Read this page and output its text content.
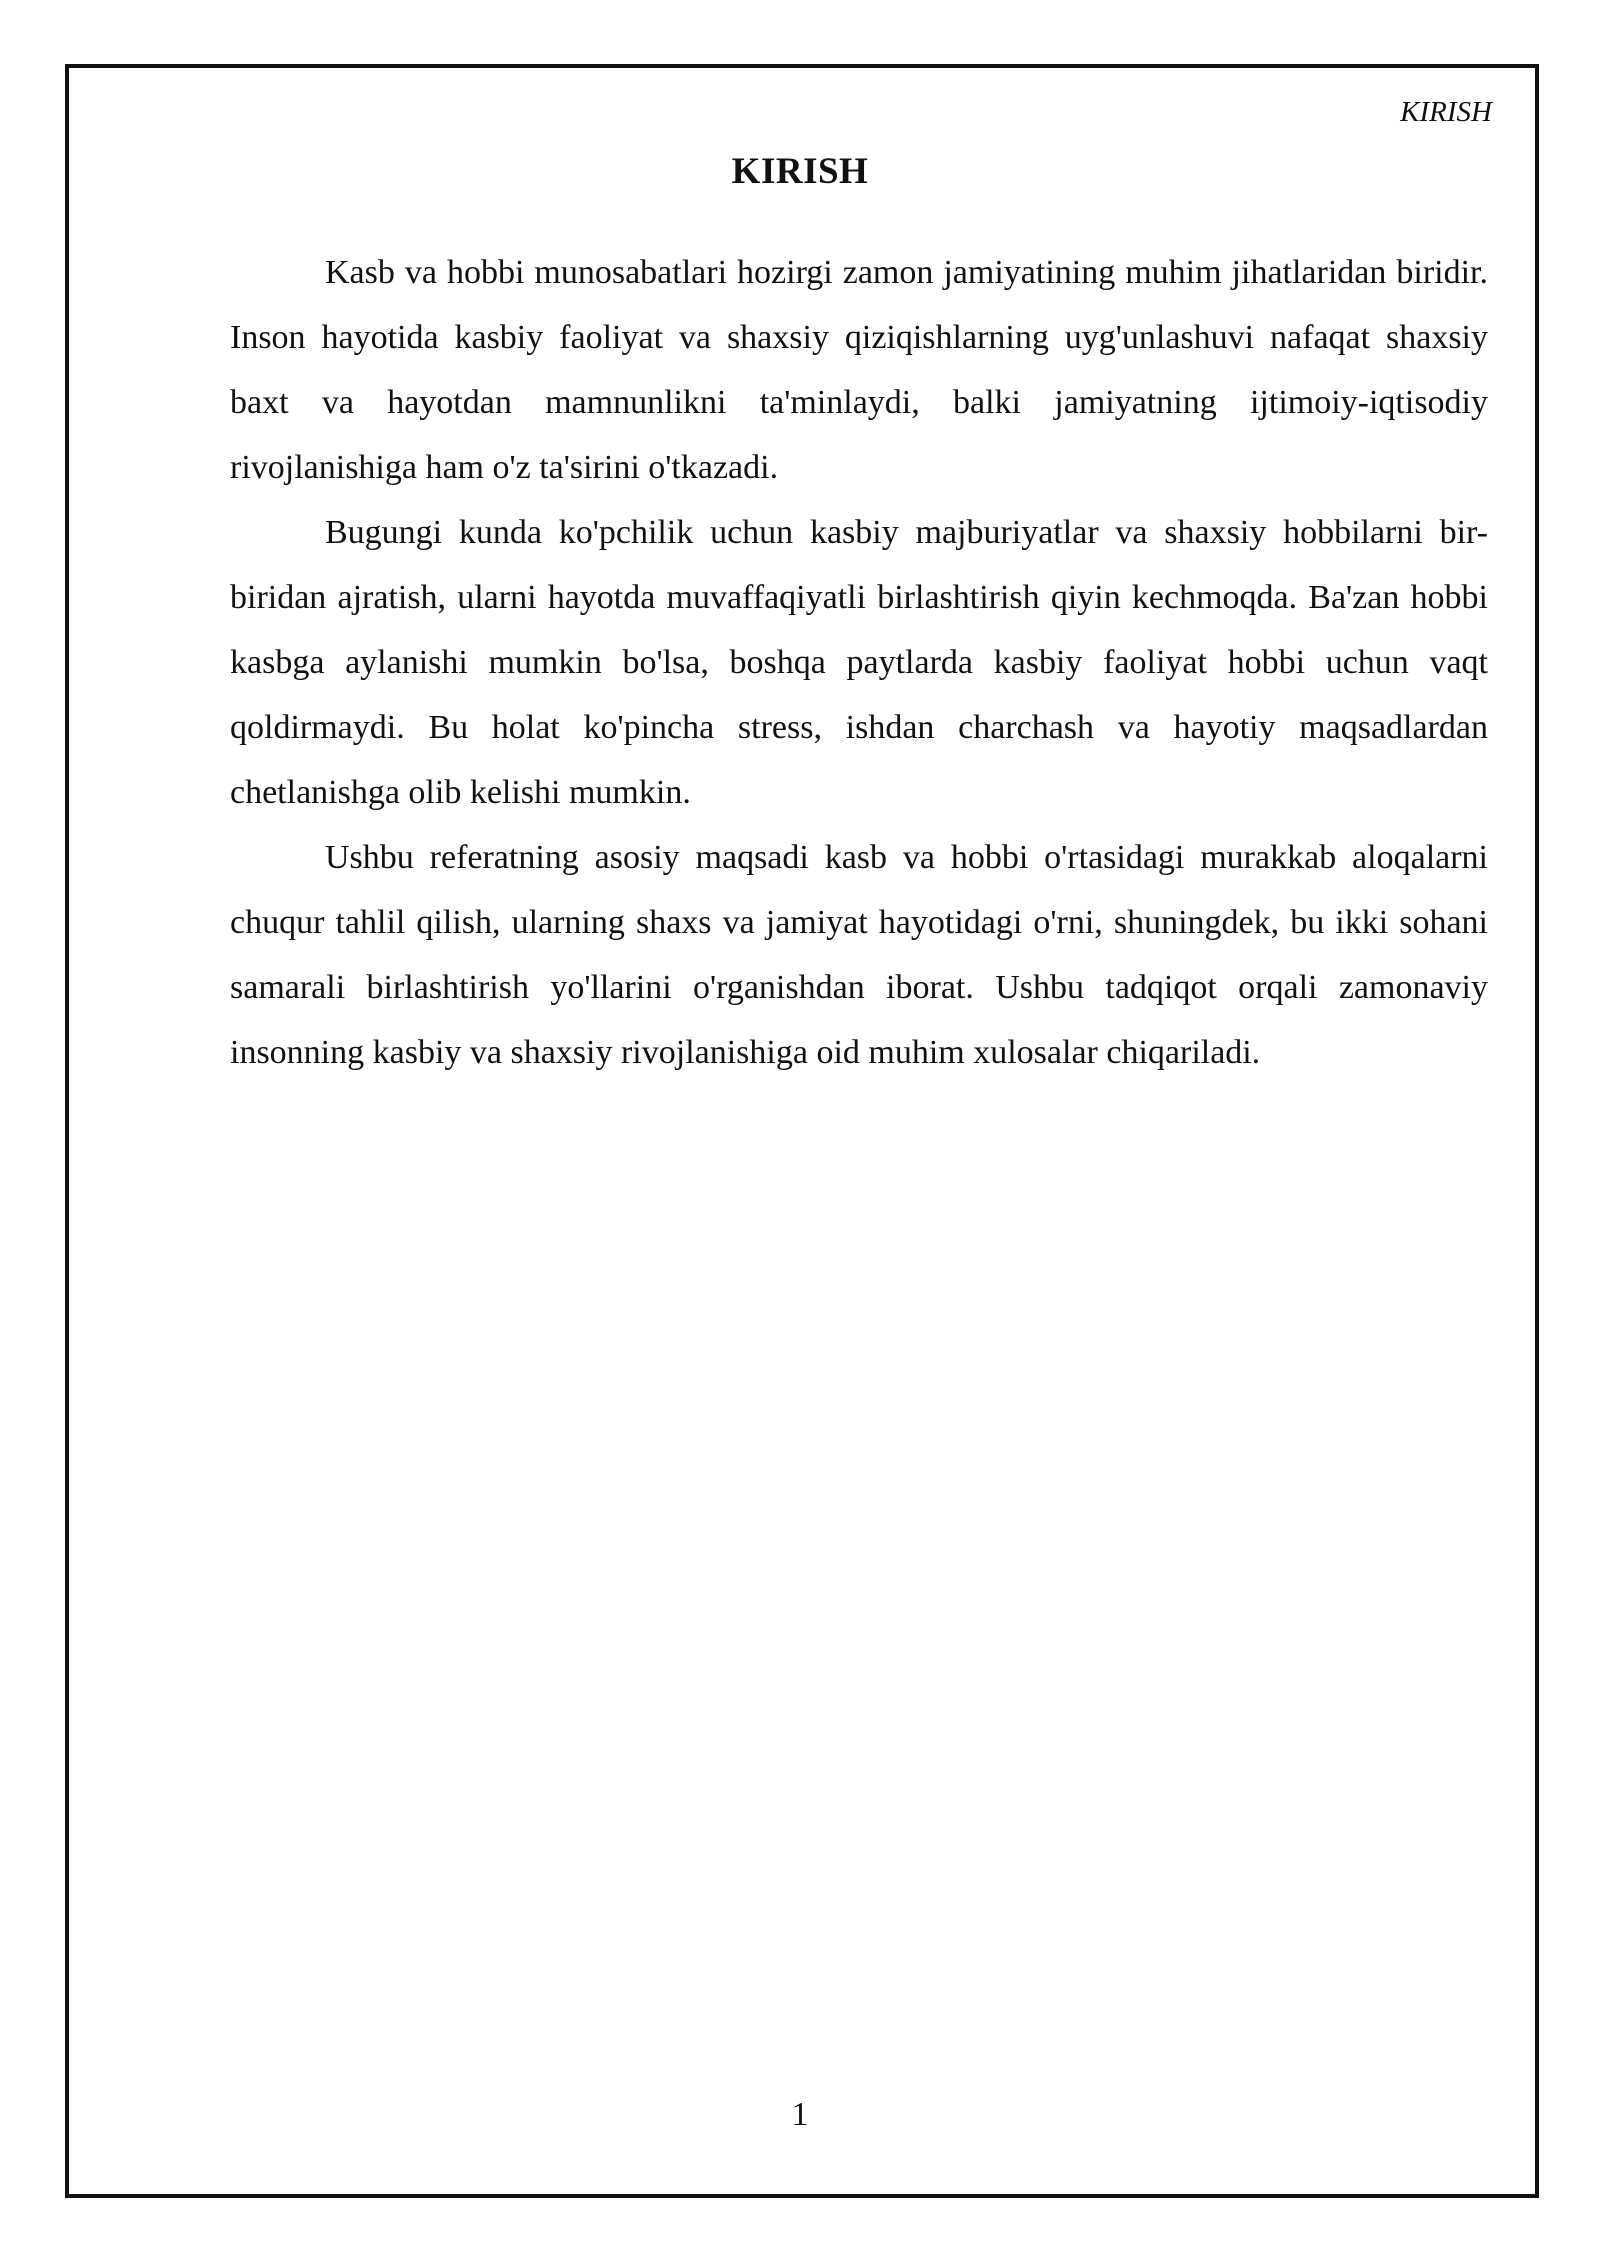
KIRISH
KIRISH

Kasb va hobbi munosabatlari hozirgi zamon jamiyatining muhim jihatlaridan biridir. Inson hayotida kasbiy faoliyat va shaxsiy qiziqishlarning uyg'unlashuvi nafaqat shaxsiy baxt va hayotdan mamnunlikni ta'minlaydi, balki jamiyatning ijtimoiy-iqtisodiy rivojlanishiga ham o'z ta'sirini o'tkazadi.

Bugungi kunda ko'pchilik uchun kasbiy majburiyatlar va shaxsiy hobbilarni bir-biridan ajratish, ularni hayotda muvaffaqiyatli birlashtirish qiyin kechmoqda. Ba'zan hobbi kasbga aylanishi mumkin bo'lsa, boshqa paytlarda kasbiy faoliyat hobbi uchun vaqt qoldirmaydi. Bu holat ko'pincha stress, ishdan charchash va hayotiy maqsadlardan chetlanishga olib kelishi mumkin.

Ushbu referatning asosiy maqsadi kasb va hobbi o'rtasidagi murakkab aloqalarni chuqur tahlil qilish, ularning shaxs va jamiyat hayotidagi o'rni, shuningdek, bu ikki sohani samarali birlashtirish yo'llarini o'rganishdan iborat. Ushbu tadqiqot orqali zamonaviy insonning kasbiy va shaxsiy rivojlanishiga oid muhim xulosalar chiqariladi.

1
